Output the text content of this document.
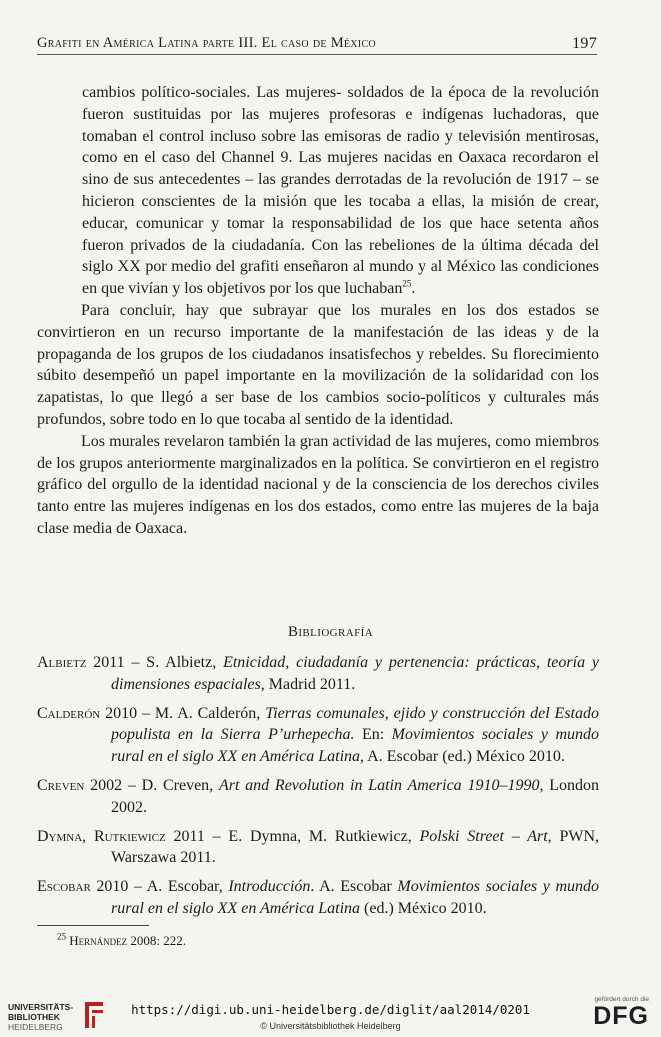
Grafiti en América Latina parte III. El caso de México	197

cambios político-sociales. Las mujeres- soldados de la época de la revolución fueron sustituidas por las mujeres profesoras e indígenas luchadoras, que tomaban el control incluso sobre las emisoras de radio y televisión mentirosas, como en el caso del Channel 9. Las mujeres nacidas en Oaxaca recordaron el sino de sus antecedentes – las grandes derrotadas de la revolución de 1917 – se hicieron conscientes de la misión que les tocaba a ellas, la misión de crear, educar, comunicar y tomar la responsabilidad de los que hace setenta años fueron privados de la ciudadanía. Con las rebeliones de la última década del siglo XX por medio del grafiti enseñaron al mundo y al México las condiciones en que vivían y los objetivos por los que luchaban$^{25}$.

Para concluir, hay que subrayar que los murales en los dos estados se convirtieron en un recurso importante de la manifestación de las ideas y de la propaganda de los grupos de los ciudadanos insatisfechos y rebeldes. Su florecimiento súbito desempeñó un papel importante en la movilización de la solidaridad con los zapatistas, lo que llegó a ser base de los cambios socio-políticos y culturales más profundos, sobre todo en lo que tocaba al sentido de la identidad.

Los murales revelaron también la gran actividad de las mujeres, como miembros de los grupos anteriormente marginalizados en la política. Se convirtieron en el registro gráfico del orgullo de la identidad nacional y de la consciencia de los derechos civiles tanto entre las mujeres indígenas en los dos estados, como entre las mujeres de la baja clase media de Oaxaca.

Bibliografía

Albietz 2011 – S. Albietz, Etnicidad, ciudadanía y pertenencia: prácticas, teoría y dimensiones espaciales, Madrid 2011.

Calderón 2010 – M. A. Calderón, Tierras comunales, ejido y construcción del Estado populista en la Sierra P’urhepecha. En: Movimientos sociales y mundo rural en el siglo XX en América Latina, A. Escobar (ed.) México 2010.

Creven 2002 – D. Creven, Art and Revolution in Latin America 1910–1990, London 2002.

Dymna, Rutkiewicz 2011 – E. Dymna, M. Rutkiewicz, Polski Street – Art, PWN, Warszawa 2011.

Escobar 2010 – A. Escobar, Introducción. A. Escobar Movimientos sociales y mundo rural en el siglo XX en América Latina (ed.) México 2010.

$^{25}$ Hernández 2008: 222.
UNIVERSITÄTS-
BIBLIOTHEK
HEIDELBERG
https://digi.ub.uni-heidelberg.de/diglit/aal2014/0201
© Universitätsbibliothek Heidelberg
gefördert durch die
DFG
